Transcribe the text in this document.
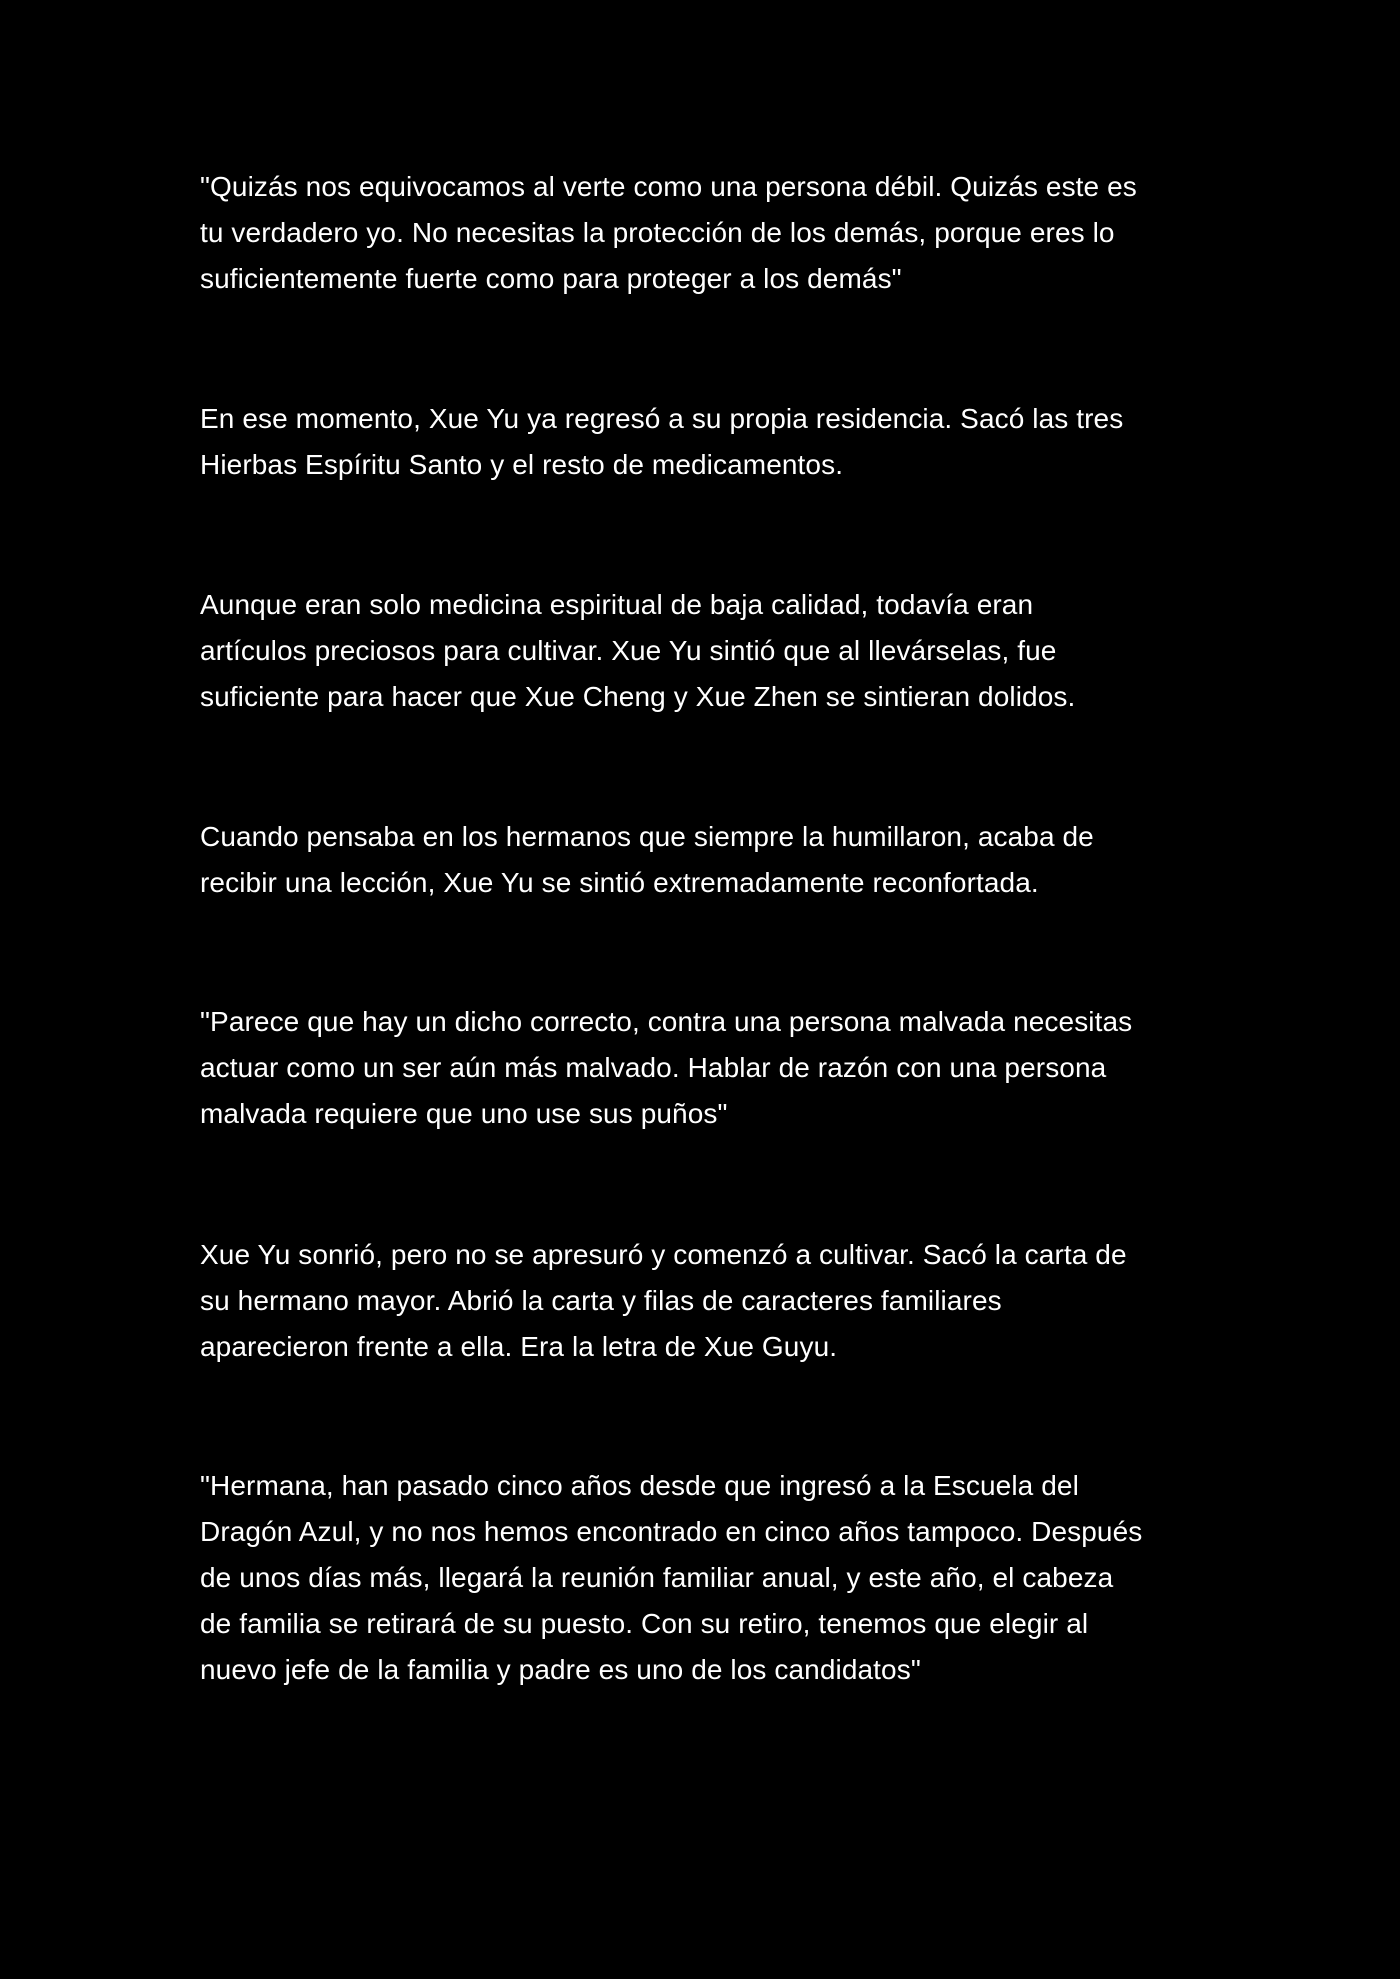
"Quizás nos equivocamos al verte como una persona débil. Quizás este es
tu verdadero yo. No necesitas la protección de los demás, porque eres lo
suficientemente fuerte como para proteger a los demás"

En ese momento, Xue Yu ya regresó a su propia residencia. Sacó las tres
Hierbas Espíritu Santo y el resto de medicamentos.

Aunque eran solo medicina espiritual de baja calidad, todavía eran
artículos preciosos para cultivar. Xue Yu sintió que al llevárselas, fue
suficiente para hacer que Xue Cheng y Xue Zhen se sintieran dolidos.

Cuando pensaba en los hermanos que siempre la humillaron, acaba de
recibir una lección, Xue Yu se sintió extremadamente reconfortada.

"Parece que hay un dicho correcto, contra una persona malvada necesitas
actuar como un ser aún más malvado. Hablar de razón con una persona
malvada requiere que uno use sus puños"

Xue Yu sonrió, pero no se apresuró y comenzó a cultivar. Sacó la carta de
su hermano mayor. Abrió la carta y filas de caracteres familiares
aparecieron frente a ella. Era la letra de Xue Guyu.

"Hermana, han pasado cinco años desde que ingresó a la Escuela del
Dragón Azul, y no nos hemos encontrado en cinco años tampoco. Después
de unos días más, llegará la reunión familiar anual, y este año, el cabeza
de familia se retirará de su puesto. Con su retiro, tenemos que elegir al
nuevo jefe de la familia y padre es uno de los candidatos"
